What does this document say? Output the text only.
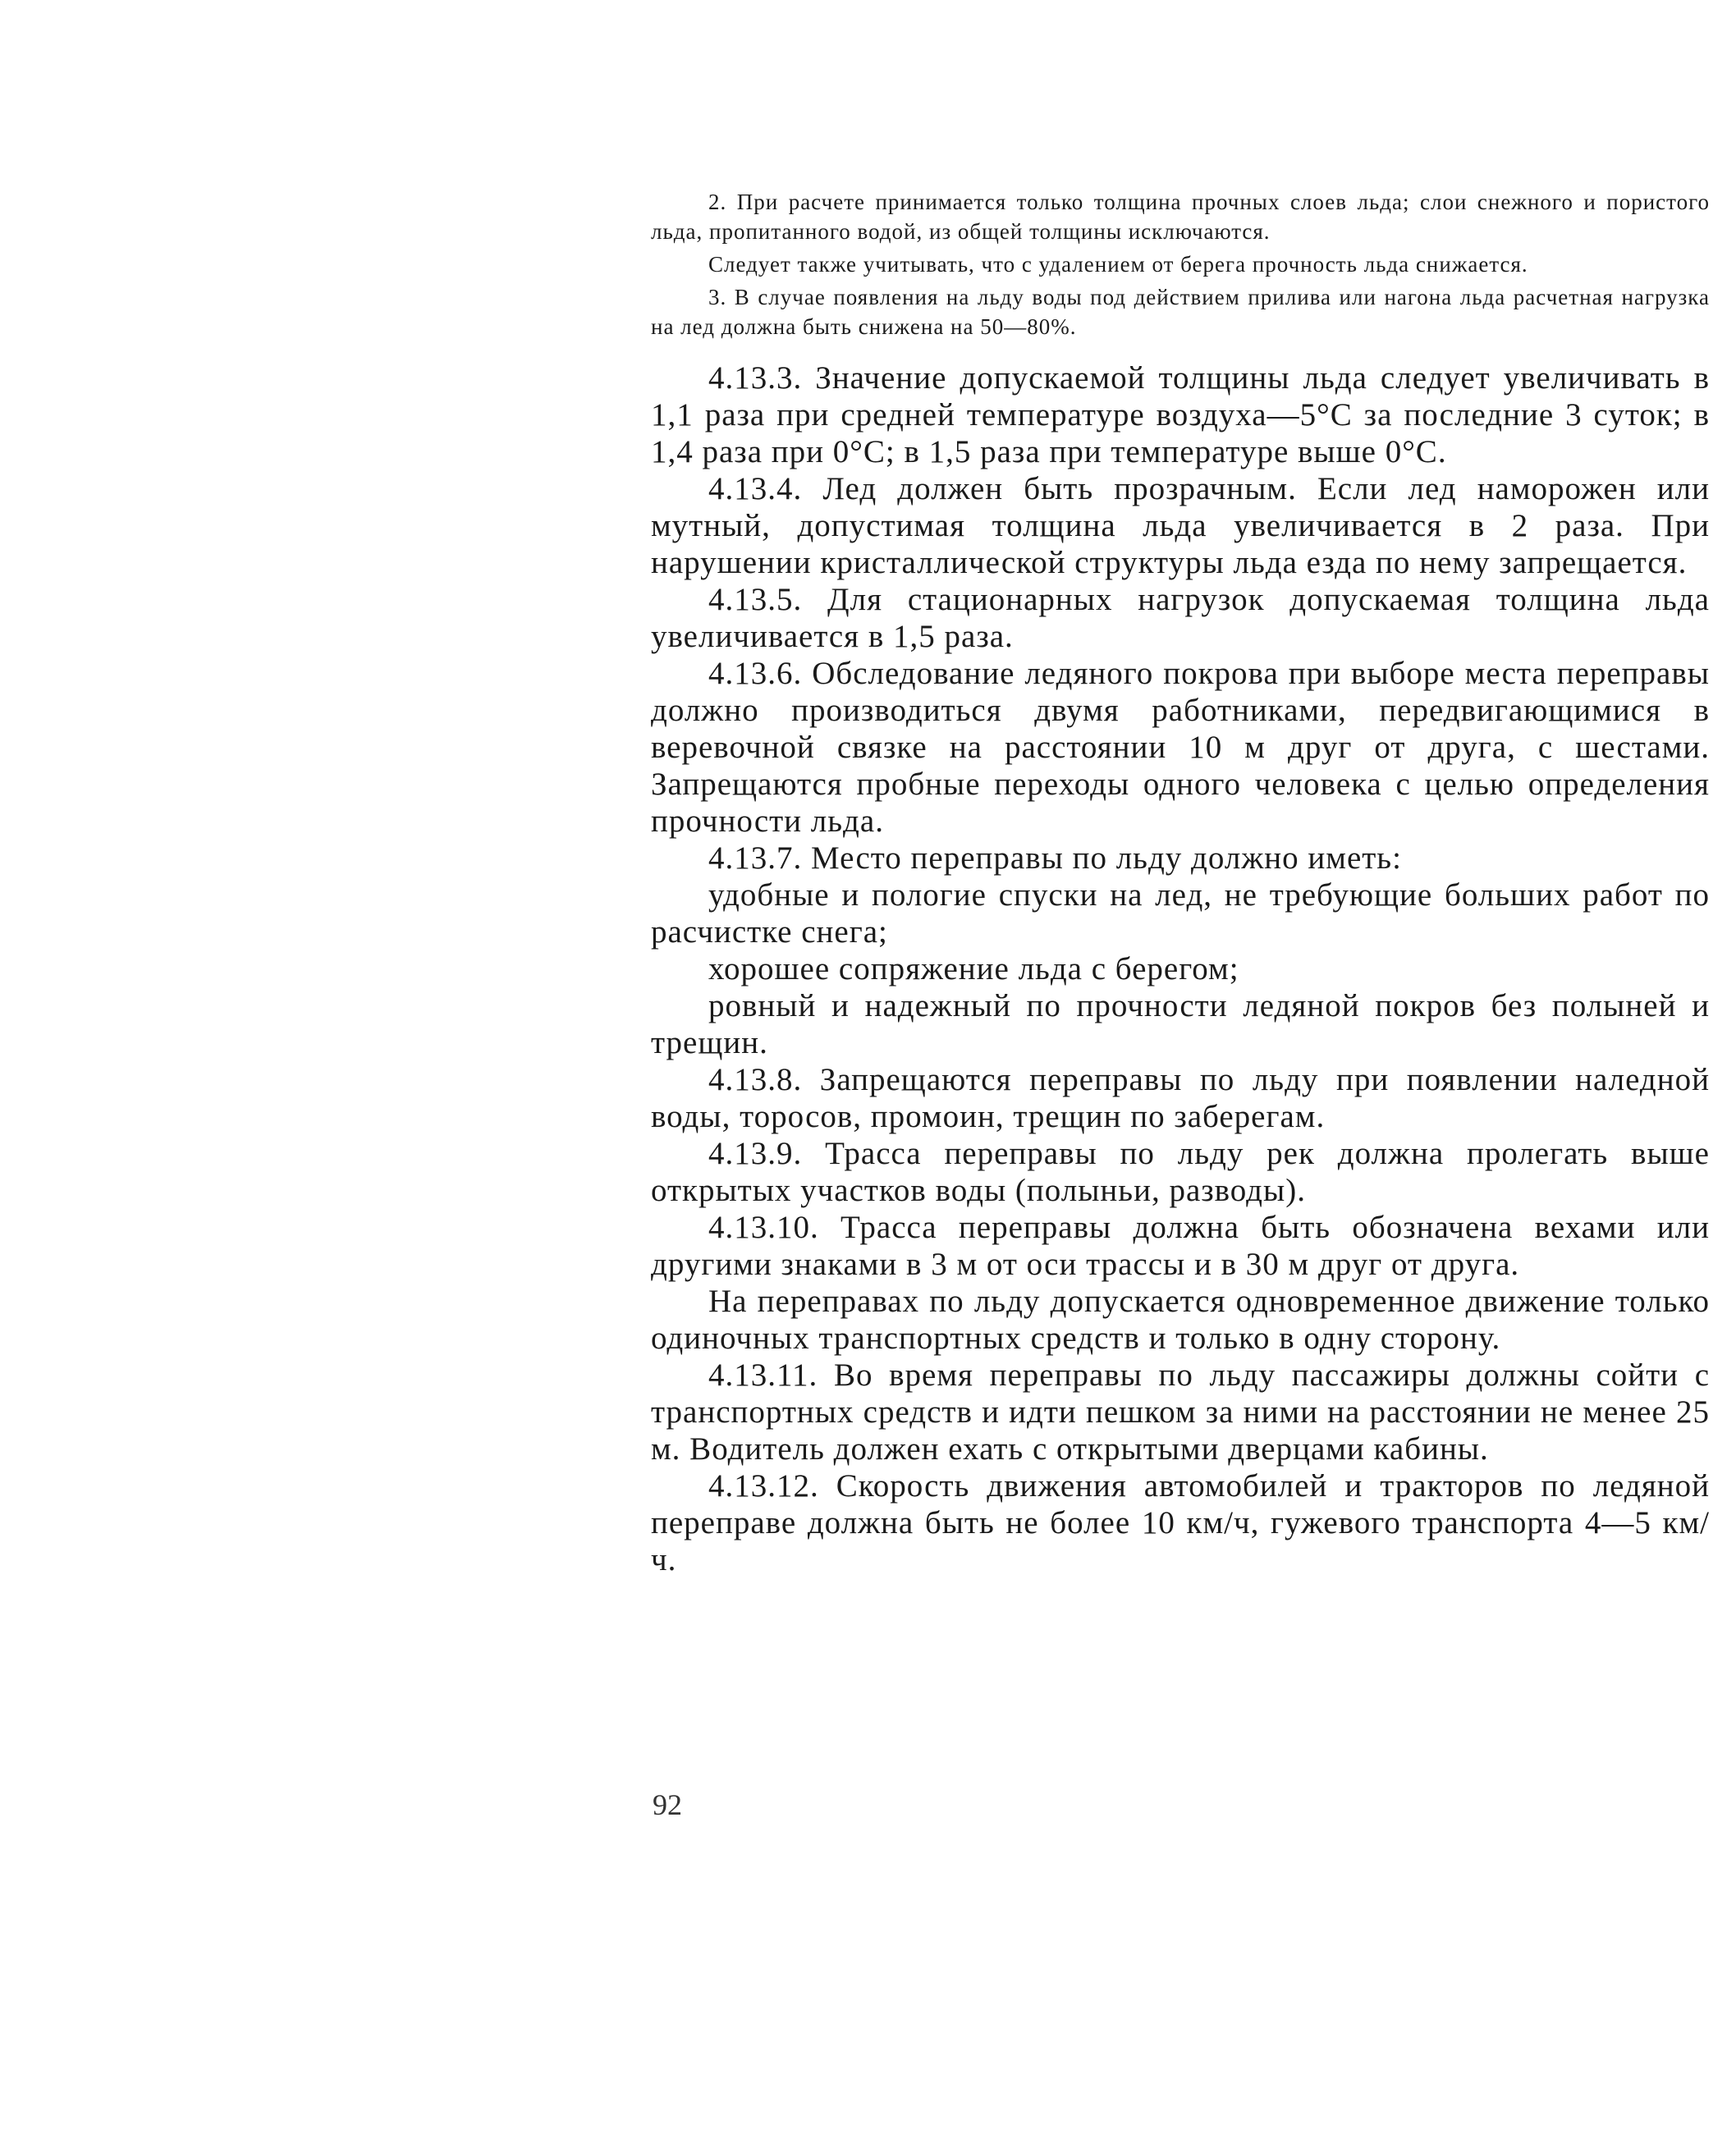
2. При расчете принимается только толщина прочных слоев льда; слои снежного и пористого льда, пропитанного водой, из общей толщины исключаются.

Следует также учитывать, что с удалением от берега прочность льда снижается.

3. В случае появления на льду воды под действием прилива или нагона льда расчетная нагрузка на лед должна быть снижена на 50—80%.

4.13.3. Значение допускаемой толщины льда следует увеличивать в 1,1 раза при средней температуре воздуха—5°С за последние 3 суток; в 1,4 раза при 0°С; в 1,5 раза при температуре выше 0°С.

4.13.4. Лед должен быть прозрачным. Если лед наморожен или мутный, допустимая толщина льда увеличивается в 2 раза. При нарушении кристаллической структуры льда езда по нему запрещается.

4.13.5. Для стационарных нагрузок допускаемая толщина льда увеличивается в 1,5 раза.

4.13.6. Обследование ледяного покрова при выборе места переправы должно производиться двумя работниками, передвигающимися в веревочной связке на расстоянии 10 м друг от друга, с шестами. Запрещаются пробные переходы одного человека с целью определения прочности льда.

4.13.7. Место переправы по льду должно иметь:

удобные и пологие спуски на лед, не требующие больших работ по расчистке снега;

хорошее сопряжение льда с берегом;

ровный и надежный по прочности ледяной покров без полыней и трещин.

4.13.8. Запрещаются переправы по льду при появлении наледной воды, торосов, промоин, трещин по заберегам.

4.13.9. Трасса переправы по льду рек должна пролегать выше открытых участков воды (полыньи, разводы).

4.13.10. Трасса переправы должна быть обозначена вехами или другими знаками в 3 м от оси трассы и в 30 м друг от друга.

На переправах по льду допускается одновременное движение только одиночных транспортных средств и только в одну сторону.

4.13.11. Во время переправы по льду пассажиры должны сойти с транспортных средств и идти пешком за ними на расстоянии не менее 25 м. Водитель должен ехать с открытыми дверцами кабины.

4.13.12. Скорость движения автомобилей и тракторов по ледяной переправе должна быть не более 10 км/ч, гужевого транспорта 4—5 км/ч.

92
